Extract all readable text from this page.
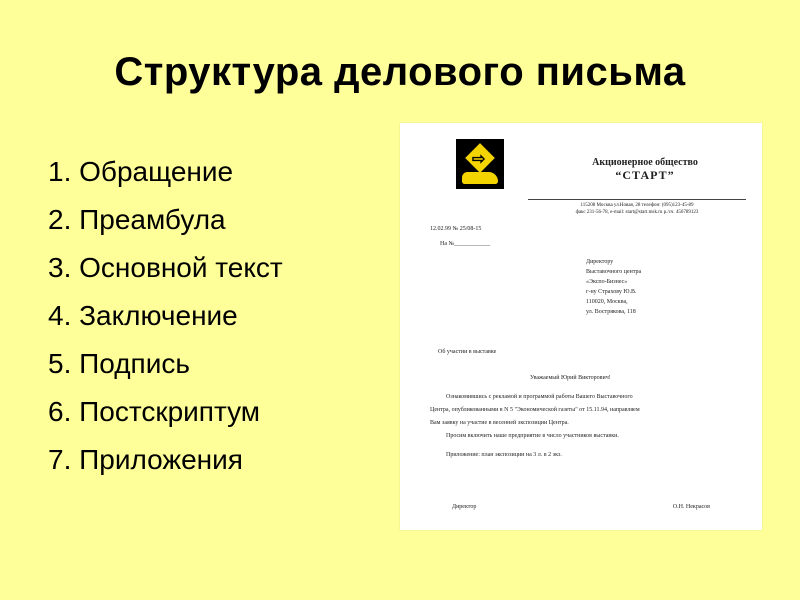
Структура делового письма
1. Обращение
2. Преамбула
3. Основной текст
4. Заключение
5. Подпись
6. Постскриптум
7. Приложения
⇨	Акционерное общество
“СТАРТ”
115208 Москва ул.Новая, 28 телефон: (095)123-45-89
факс 231-56-78, e-mail: start@start.msk.ru р./сч. 456789123
12.02.99 № 25/08-15
На №____________
Директору
Выставочного центра
«Экспо-Бизнес»
г-ну Страхову Ю.В.
110020, Москва,
ул. Вострякова, 118
Об участии в выставке
Уважаемый Юрий Викторович!
Ознакомившись с рекламой и программой работы Вашего Выставочного
Центра, опубликованными в N 5 "Экономической газеты" от 15.11.94, направляем
Вам заявку на участие в весенней экспозиции Центра.
Просим включить наше предприятие в число участников выставки.
Приложение: план экспозиции на 3 л. в 2 экз.
Директор	О.Н. Некрасов
